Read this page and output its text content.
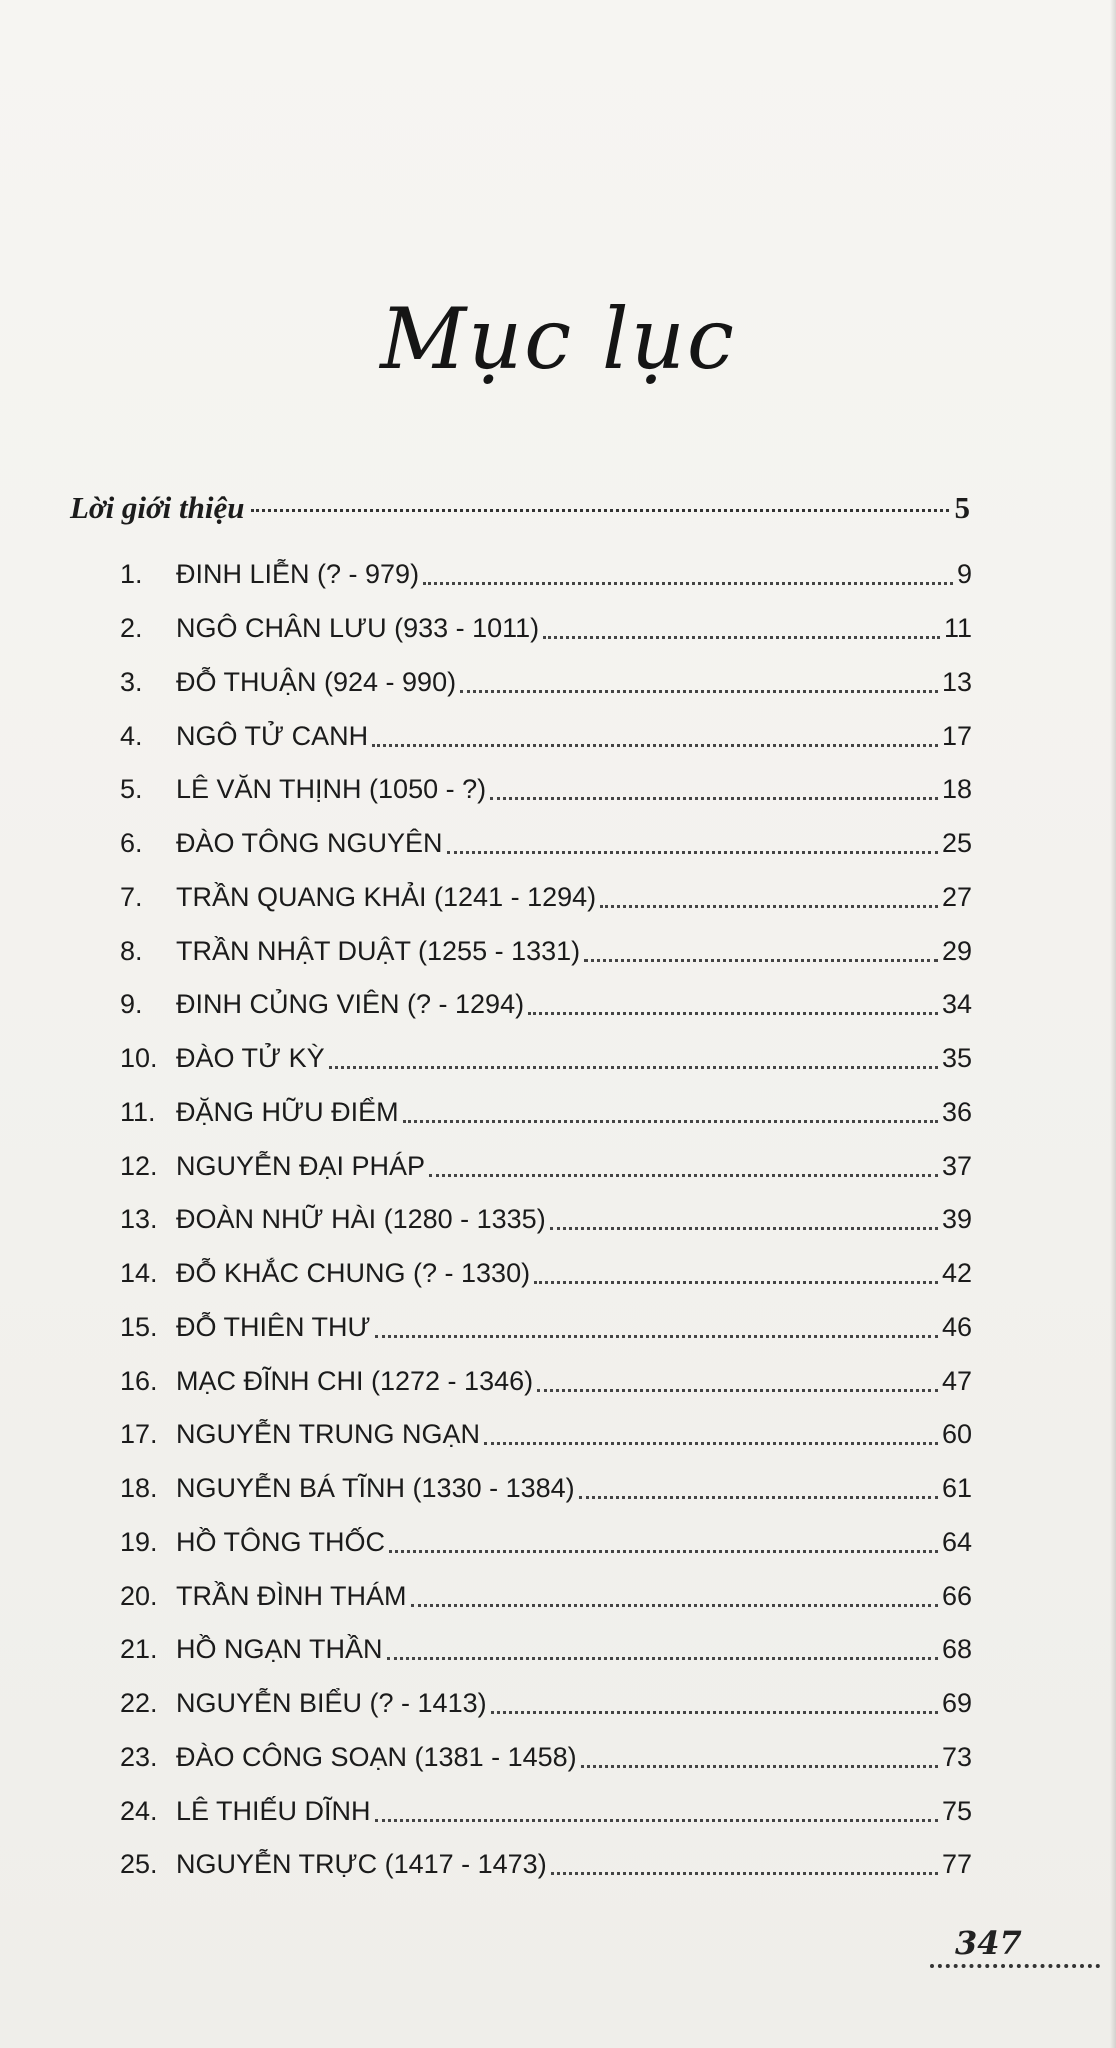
Mục lục
Lời giới thiệu	5
1.	ĐINH LIỄN (? - 979)	9
2.	NGÔ CHÂN LƯU (933 - 1011)	11
3.	ĐỖ THUẬN (924 - 990)	13
4.	NGÔ TỬ CANH	17
5.	LÊ VĂN THỊNH (1050 - ?)	18
6.	ĐÀO TÔNG NGUYÊN	25
7.	TRẦN QUANG KHẢI (1241 - 1294)	27
8.	TRẦN NHẬT DUẬT (1255 - 1331)	29
9.	ĐINH CỦNG VIÊN (? - 1294)	34
10. ĐÀO TỬ KỲ	35
11. ĐẶNG HỮU ĐIỂM	36
12. NGUYỄN ĐẠI PHÁP	37
13. ĐOÀN NHỮ HÀI (1280 - 1335)	39
14. ĐỖ KHẮC CHUNG (? - 1330)	42
15. ĐỖ THIÊN THƯ	46
16. MẠC ĐĨNH CHI (1272 - 1346)	47
17. NGUYỄN TRUNG NGẠN	60
18. NGUYỄN BÁ TĨNH (1330 - 1384)	61
19. HỒ TÔNG THỐC	64
20. TRẦN ĐÌNH THÁM	66
21. HỒ NGẠN THẦN	68
22. NGUYỄN BIỂU (? - 1413)	69
23. ĐÀO CÔNG SOẠN (1381 - 1458)	73
24. LÊ THIẾU DĨNH	75
25. NGUYỄN TRỰC (1417 - 1473)	77
347
